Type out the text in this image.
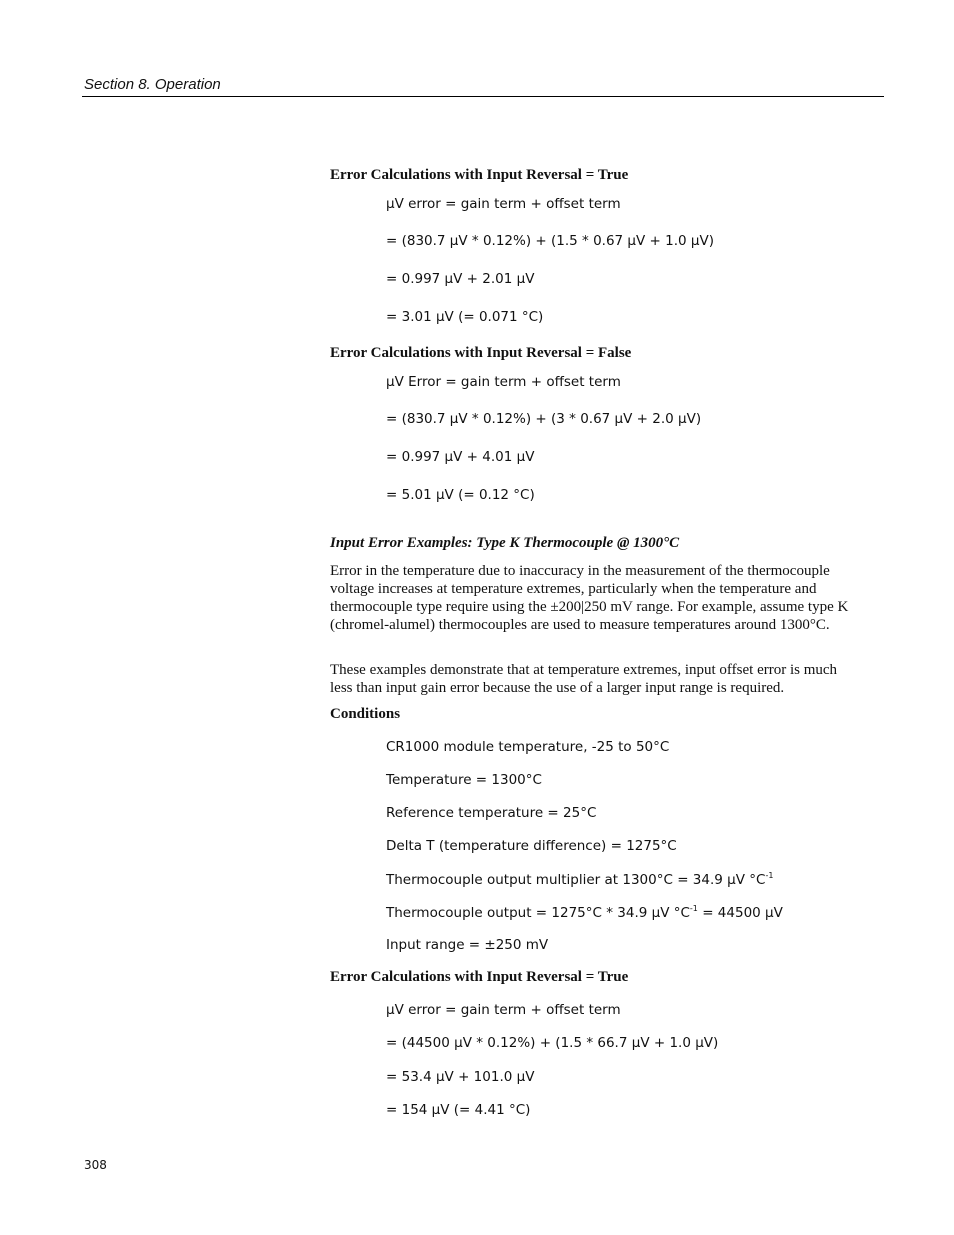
Section 8. Operation
Error Calculations with Input Reversal = True
µV error = gain term + offset term
= (830.7 µV * 0.12%) + (1.5 * 0.67 µV + 1.0 µV)
= 0.997 µV + 2.01 µV
= 3.01 µV (= 0.071 °C)
Error Calculations with Input Reversal = False
µV Error = gain term + offset term
= (830.7 µV * 0.12%) + (3 * 0.67 µV + 2.0 µV)
= 0.997 µV + 4.01 µV
= 5.01 µV (= 0.12 °C)
Input Error Examples: Type K Thermocouple @ 1300°C
Error in the temperature due to inaccuracy in the measurement of the thermocouple voltage increases at temperature extremes, particularly when the temperature and thermocouple type require using the ±200|250 mV range. For example, assume type K (chromel-alumel) thermocouples are used to measure temperatures around 1300°C.
These examples demonstrate that at temperature extremes, input offset error is much less than input gain error because the use of a larger input range is required.
Conditions
CR1000 module temperature, -25 to 50°C
Temperature = 1300°C
Reference temperature = 25°C
Delta T (temperature difference) = 1275°C
Thermocouple output multiplier at 1300°C = 34.9 µV $^\circ C^{-1}$
Thermocouple output = 1275°C * 34.9 µV $^\circ C^{-1} = 44500$ µV
Input range = ±250 mV
Error Calculations with Input Reversal = True
µV error = gain term + offset term
= (44500 µV * 0.12%) + (1.5 * 66.7 µV + 1.0 µV)
= 53.4 µV + 101.0 µV
= 154 µV (= 4.41 °C)
308
